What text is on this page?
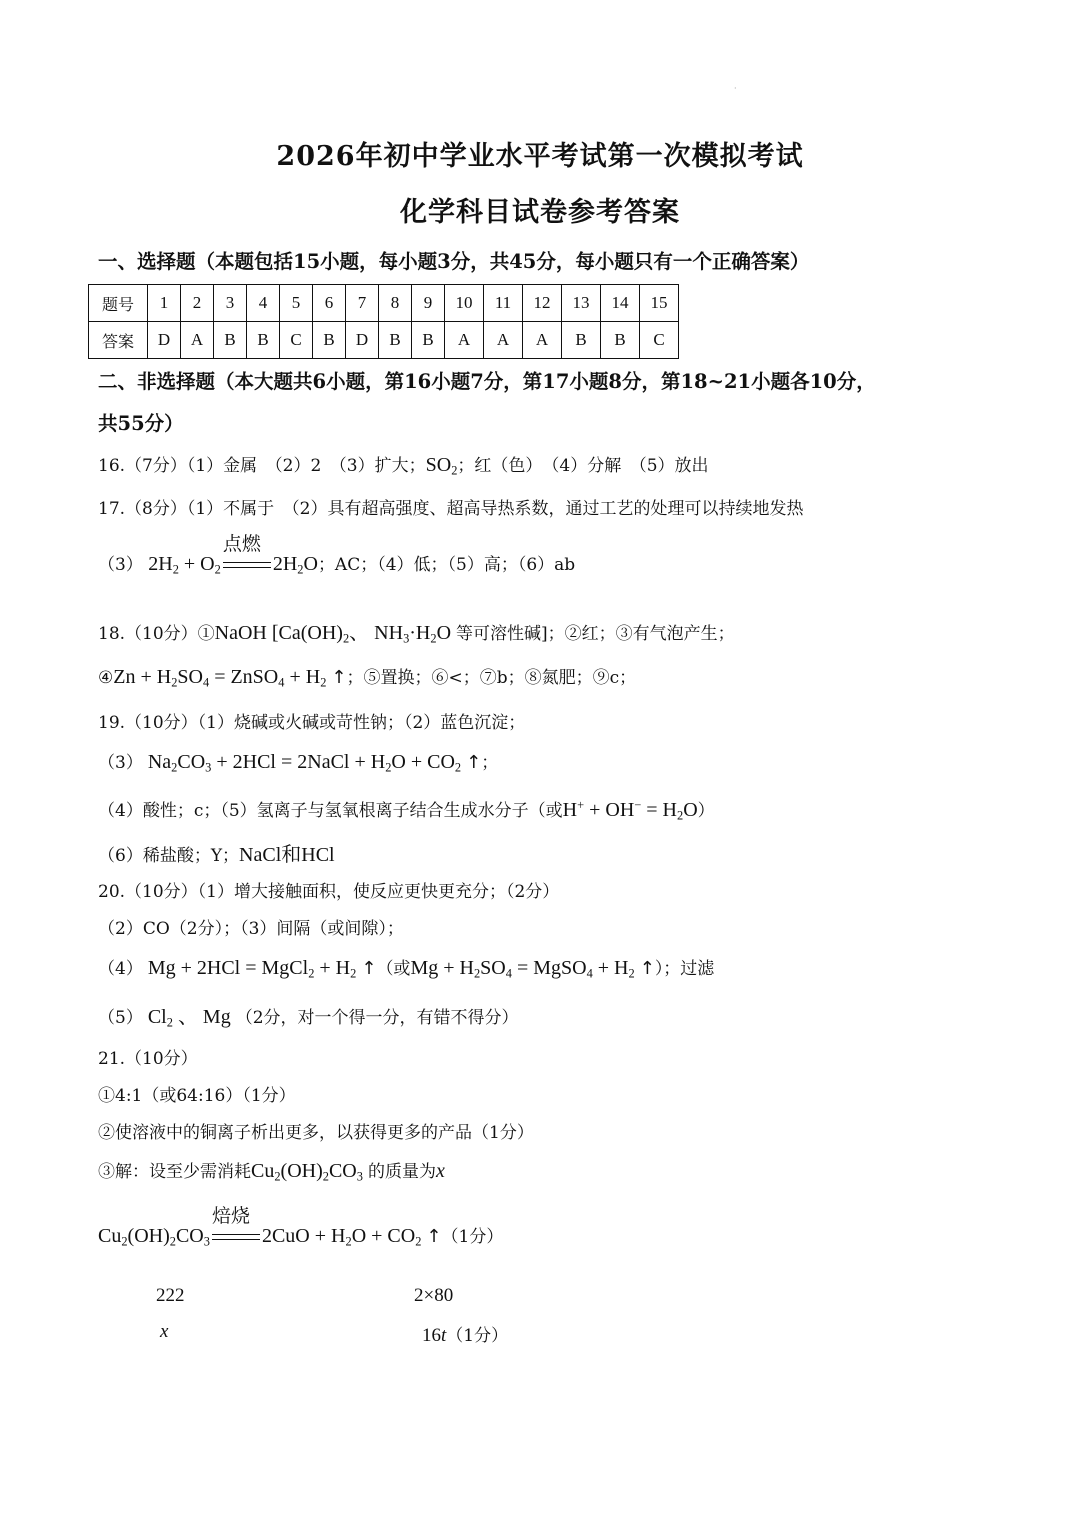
·
2026年初中学业水平考试第一次模拟考试
化学科目试卷参考答案
一、选择题（本题包括15小题，每小题3分，共45分，每小题只有一个正确答案）
题号	1	2	3	4	5	6	7	8	9	10	11	12	13	14	15
答案	D	A	B	B	C	B	D	B	B	A	A	A	B	B	C
二、非选择题（本大题共6小题，第16小题7分，第17小题8分，第18~21小题各10分，
共55分）
16.（7分）（1）金属　（2）2　（3）扩大；$SO_2$；红（色）　（4）分解　（5）放出
17.（8分）（1）不属于　（2）具有超高强度、超高导热系数，通过工艺的处理可以持续地发热
（3） $2H_2 + O_2$
点燃
$2H_2O$；AC；（4）低；（5）高；（6）ab
18.（10分）①NaOH [$Ca(OH)_2$、 $NH_3\cdot H_2O$ 等可溶性碱]；②红；③有气泡产生；
④Zn + $H_2SO_4$ = ZnSO$_4$ + $H_2$ ↑；⑤置换；⑥<；⑦b；⑧氮肥；⑨c；
19.（10分）（1）烧碱或火碱或苛性钠；（2）蓝色沉淀；
（3） $Na_2CO_3 + 2HCl$ = 2NaCl + $H_2O + CO_2$ ↑；
（4）酸性；c；（5）氢离子与氢氧根离子结合生成水分子（或$H^+ + OH^- = H_2O$）
（6）稀盐酸；Y；NaCl和HCl
20.（10分）（1）增大接触面积，使反应更快更充分；（2分）
（2）CO（2分）；（3）间隔（或间隙）；
（4） Mg + 2HCl = MgCl$_2$ + $H_2$ ↑（或$Mg + H_2SO_4$ = MgSO$_4$ + $H_2$ ↑）；过滤
（5） $Cl_2$ 、 Mg （2分，对一个得一分，有错不得分）
21.（10分）
①4:1（或64:16）（1分）
②使溶液中的铜离子析出更多，以获得更多的产品（1分）
③解：设至少需消耗$Cu_2(OH)_2CO_3$ 的质量为x
$Cu_2(OH)_2CO_3$
焙烧
$2CuO + H_2O + CO_2$ ↑（1分）
222	2×80
x	16t（1分）
